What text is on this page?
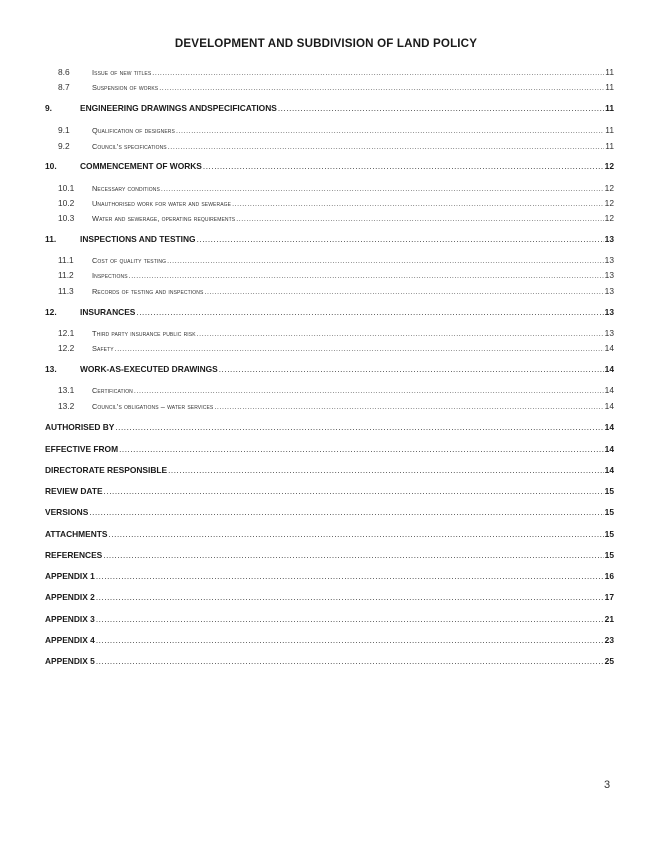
DEVELOPMENT AND SUBDIVISION OF LAND POLICY
8.6	Issue of new titles .....	11
8.7	Suspension of works .....	11
9.	ENGINEERING DRAWINGS ANDSPECIFICATIONS .....	11
9.1	Qualification of designers .....	11
9.2	Council's specifications .....	11
10.	COMMENCEMENT OF WORKS .....	12
10.1	Necessary conditions .....	12
10.2	Unauthorised work for water and sewerage .....	12
10.3	Water and sewerage, operating requirements .....	12
11.	INSPECTIONS AND TESTING .....	13
11.1	Cost of quality testing .....	13
11.2	Inspections .....	13
11.3	Records of testing and inspections .....	13
12.	INSURANCES .....	13
12.1	Third party insurance public risk .....	13
12.2	Safety .....	14
13.	WORK-AS-EXECUTED DRAWINGS .....	14
13.1	Certification .....	14
13.2	Council's obligations – water services .....	14
AUTHORISED BY .....	14
EFFECTIVE FROM .....	14
DIRECTORATE RESPONSIBLE .....	14
REVIEW DATE .....	15
VERSIONS .....	15
ATTACHMENTS .....	15
REFERENCES .....	15
APPENDIX 1 .....	16
APPENDIX 2 .....	17
APPENDIX 3 .....	21
APPENDIX 4 .....	23
APPENDIX 5 .....	25
3
